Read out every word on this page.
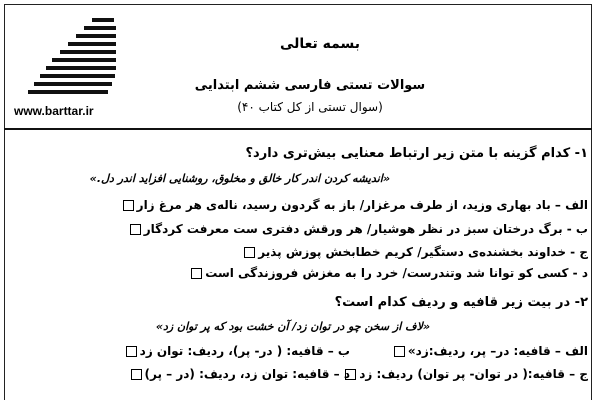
www.barttar.ir
بسمه تعالی
سوالات تستی فارسی ششم ابتدایی
(۴۰ سوال تستی از کل کتاب)
۱- کدام گزینه با متن زیر ارتباط معنایی بیش‌تری دارد؟
«اندیشه کردن اندر کار خالق و مخلوق، روشنایی افزاید اندر دل.»
الف – باد بهاری وزید، از طرف مرغزار/ باز به گردون رسید، ناله‌ی هر مرغ زار
ب - برگ درختان سبز در نظر هوشیار/ هر ورقش دفتری ست معرفت کردگار
ج - خداوند بخشنده‌ی دستگیر/ کریم خطابخش پوزش پذیر
د - کسی کو توانا شد وتندرست/ خرد را به مغزش فروزندگی است
۲- در بیت زیر قافیه و ردیف کدام است؟
«لاف از سخن چو در توان زد/ آن خشت بود که پر توان زد»
الف – قافیه: در– پر، ردیف:زد»
ب – قافیه: ( در- پر)، ردیف: توان زد
ج – قافیه:( در توان- پر توان) ردیف: زد
د – قافیه: توان زد، ردیف: (در – پر)
